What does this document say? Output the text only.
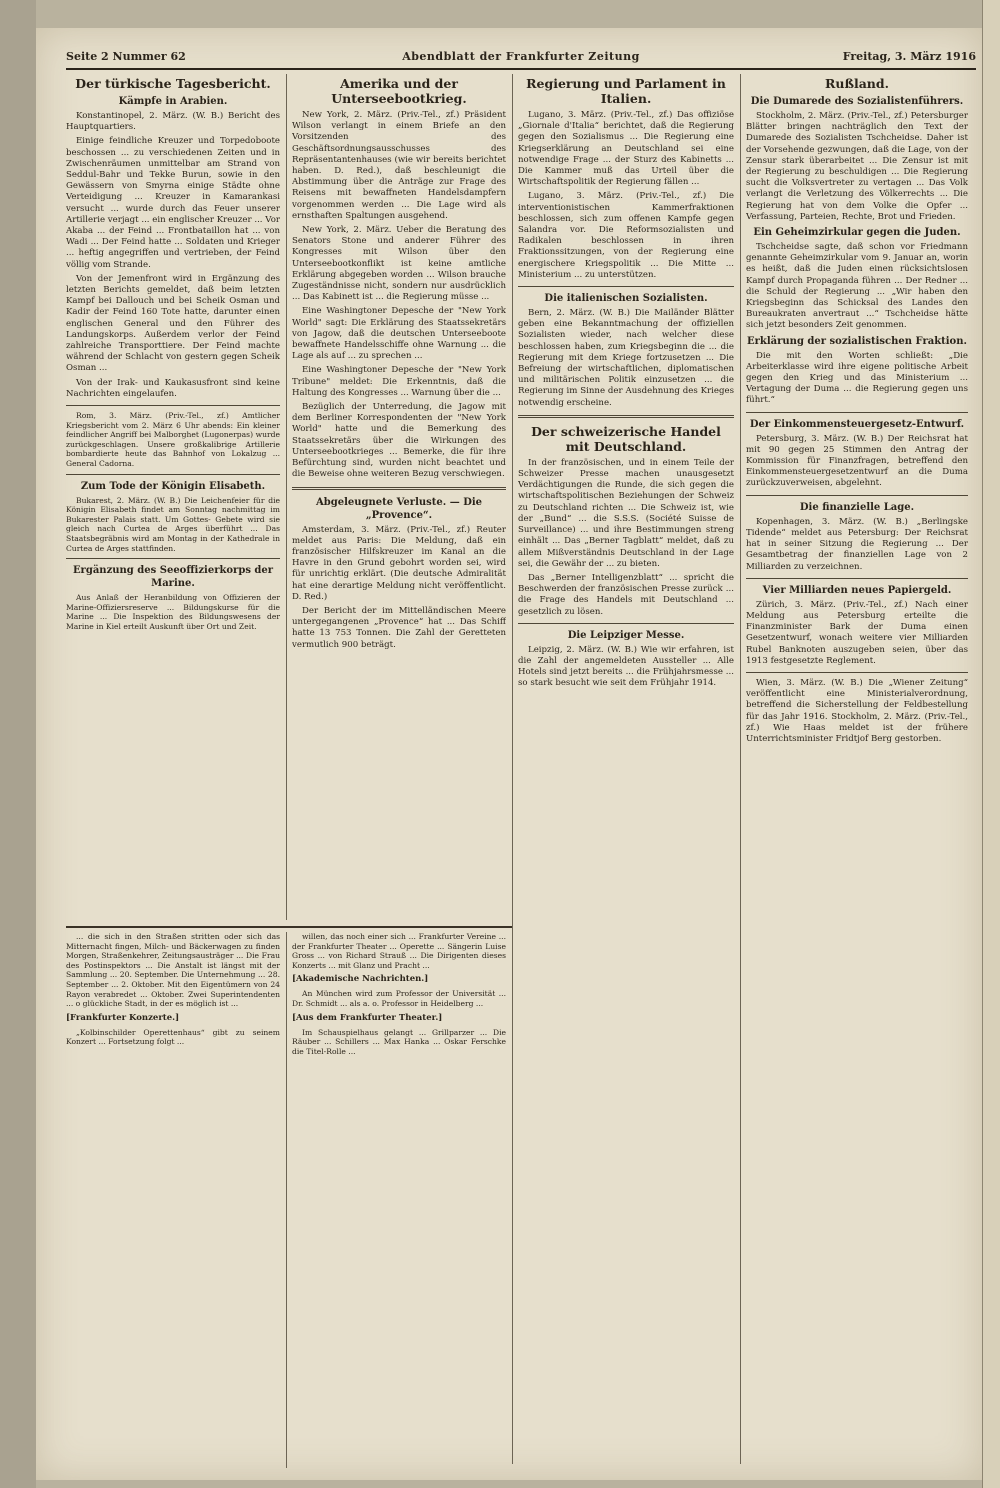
Seite 2 Nummer 62	Abendblatt der Frankfurter Zeitung	Freitag, 3. März 1916
Der türkische Tagesbericht.
Kämpfe in Arabien.

Konstantinopel, 2. März. (W. B.) Bericht des Hauptquartiers.

Einige feindliche Kreuzer und Torpedoboote beschossen ... zu verschiedenen Zeiten und in Zwischenräumen unmittelbar am Strand von Seddul-Bahr und Tekke Burun, sowie in den Gewässern von Smyrna einige Städte ohne Verteidigung ... Kreuzer in Kamarankasi versucht ... wurde durch das Feuer unserer Artillerie verjagt ... ein englischer Kreuzer ... Vor Akaba ... der Feind ... Frontbataillon hat ... von Wadi ... Der Feind hatte ... Soldaten und Krieger ... heftig angegriffen und vertrieben, der Feind völlig vom Strande.

Von der Jemenfront wird in Ergänzung des letzten Berichts gemeldet, daß beim letzten Kampf bei Dallouch und bei Scheik Osman und Kadir der Feind 160 Tote hatte, darunter einen englischen General und den Führer des Landungskorps. Außerdem verlor der Feind zahlreiche Transporttiere. Der Feind machte während der Schlacht von gestern gegen Scheik Osman ...

Von der Irak- und Kaukasusfront sind keine Nachrichten eingelaufen.

Rom, 3. März. (Priv.-Tel., zf.) Amtlicher Kriegsbericht vom 2. März 6 Uhr abends: Ein kleiner feindlicher Angriff bei Malborghet (Lugonerpas) wurde zurückgeschlagen. Unsere großkalibrige Artillerie bombardierte heute das Bahnhof von Lokalzug ... General Cadorna.

Zum Tode der Königin Elisabeth.

Bukarest, 2. März. (W. B.) Die Leichenfeier für die Königin Elisabeth findet am Sonntag nachmittag im Bukarester Palais statt. Um Gottes- Gebete wird sie gleich nach Curtea de Arges überführt ... Das Staatsbegräbnis wird am Montag in der Kathedrale in Curtea de Arges stattfinden.

Ergänzung des Seeoffizierkorps der Marine.

Aus Anlaß der Heranbildung von Offizieren der Marine-Offiziersreserve ... Bildungskurse für die Marine ... Die Inspektion des Bildungswesens der Marine in Kiel erteilt Auskunft über Ort und Zeit.

Amerika und der Unterseebootkrieg.

New York, 2. März. (Priv.-Tel., zf.) Präsident Wilson verlangt in einem Briefe an den Vorsitzenden des Geschäftsordnungsausschusses des Repräsentantenhauses (wie wir bereits berichtet haben. D. Red.), daß beschleunigt die Abstimmung über die Anträge zur Frage des Reisens mit bewaffneten Handelsdampfern vorgenommen werden ... Die Lage wird als ernsthaften Spaltungen ausgehend.

New York, 2. März. Ueber die Beratung des Senators Stone und anderer Führer des Kongresses mit Wilson über den Unterseebootkonflikt ist keine amtliche Erklärung abgegeben worden ... Wilson brauche Zugeständnisse nicht, sondern nur ausdrücklich ... Das Kabinett ist ... die Regierung müsse ...

Eine Washingtoner Depesche der "New York World" sagt: Die Erklärung des Staatssekretärs von Jagow, daß die deutschen Unterseeboote bewaffnete Handelsschiffe ohne Warnung ... die Lage als auf ... zu sprechen ...

Eine Washingtoner Depesche der "New York Tribune" meldet: Die Erkenntnis, daß die Haltung des Kongresses ... Warnung über die ...

Bezüglich der Unterredung, die Jagow mit dem Berliner Korrespondenten der "New York World" hatte und die Bemerkung des Staatssekretärs über die Wirkungen des Unterseebootkrieges ... Bemerke, die für ihre Befürchtung sind, wurden nicht beachtet und die Beweise ohne weiteren Bezug verschwiegen.

Abgeleugnete Verluste. — Die „Provence“.

Amsterdam, 3. März. (Priv.-Tel., zf.) Reuter meldet aus Paris: Die Meldung, daß ein französischer Hilfskreuzer im Kanal an die Havre in den Grund gebohrt worden sei, wird für unrichtig erklärt. (Die deutsche Admiralität hat eine derartige Meldung nicht veröffentlicht. D. Red.)

Der Bericht der im Mittelländischen Meere untergegangenen „Provence“ hat ... Das Schiff hatte 13 753 Tonnen. Die Zahl der Geretteten vermutlich 900 beträgt.

Regierung und Parlament in Italien.

Lugano, 3. März. (Priv.-Tel., zf.) Das offiziöse „Giornale d'Italia“ berichtet, daß die Regierung gegen den Sozialismus ... Die Regierung eine Kriegserklärung an Deutschland sei eine notwendige Frage ... der Sturz des Kabinetts ... Die Kammer muß das Urteil über die Wirtschaftspolitik der Regierung fällen ...

Lugano, 3. März. (Priv.-Tel., zf.) Die interventionistischen Kammerfraktionen beschlossen, sich zum offenen Kampfe gegen Salandra vor. Die Reformsozialisten und Radikalen beschlossen in ihren Fraktionssitzungen, von der Regierung eine energischere Kriegspolitik ... Die Mitte ... Ministerium ... zu unterstützen.

Die italienischen Sozialisten.

Bern, 2. März. (W. B.) Die Mailänder Blätter geben eine Bekanntmachung der offiziellen Sozialisten wieder, nach welcher diese beschlossen haben, zum Kriegsbeginn die ... die Regierung mit dem Kriege fortzusetzen ... Die Befreiung der wirtschaftlichen, diplomatischen und militärischen Politik einzusetzen ... die Regierung im Sinne der Ausdehnung des Krieges notwendig erscheine.

Der schweizerische Handel mit Deutschland.

In der französischen, und in einem Teile der Schweizer Presse machen unausgesetzt Verdächtigungen die Runde, die sich gegen die wirtschaftspolitischen Beziehungen der Schweiz zu Deutschland richten ... Die Schweiz ist, wie der „Bund“ ... die S.S.S. (Société Suisse de Surveillance) ... und ihre Bestimmungen streng einhält ... Das „Berner Tagblatt“ meldet, daß zu allem Mißverständnis Deutschland in der Lage sei, die Gewähr der ... zu bieten.

Das „Berner Intelligenzblatt“ ... spricht die Beschwerden der französischen Presse zurück ... die Frage des Handels mit Deutschland ... gesetzlich zu lösen.

Die Leipziger Messe.

Leipzig, 2. März. (W. B.) Wie wir erfahren, ist die Zahl der angemeldeten Aussteller ... Alle Hotels sind jetzt bereits ... die Frühjahrsmesse ... so stark besucht wie seit dem Frühjahr 1914.

Rußland.
Die Dumarede des Sozialistenführers.

Stockholm, 2. März. (Priv.-Tel., zf.) Petersburger Blätter bringen nachträglich den Text der Dumarede des Sozialisten Tschcheidse. Daher ist der Vorsehende gezwungen, daß die Lage, von der Zensur stark überarbeitet ... Die Zensur ist mit der Regierung zu beschuldigen ... Die Regierung sucht die Volksvertreter zu vertagen ... Das Volk verlangt die Verletzung des Völkerrechts ... Die Regierung hat von dem Volke die Opfer ... Verfassung, Parteien, Rechte, Brot und Frieden.

Ein Geheimzirkular gegen die Juden.

Tschcheidse sagte, daß schon vor Friedmann genannte Geheimzirkular vom 9. Januar an, worin es heißt, daß die Juden einen rücksichtslosen Kampf durch Propaganda führen ... Der Redner ... die Schuld der Regierung ... „Wir haben den Kriegsbeginn das Schicksal des Landes den Bureaukraten anvertraut ...“ Tschcheidse hätte sich jetzt besonders Zeit genommen.

Erklärung der sozialistischen Fraktion.

Die mit den Worten schließt: „Die Arbeiterklasse wird ihre eigene politische Arbeit gegen den Krieg und das Ministerium ... Vertagung der Duma ... die Regierung gegen uns führt.“

Der Einkommensteuergesetz-Entwurf.

Petersburg, 3. März. (W. B.) Der Reichsrat hat mit 90 gegen 25 Stimmen den Antrag der Kommission für Finanzfragen, betreffend den Einkommensteuergesetzentwurf an die Duma zurückzuverweisen, abgelehnt.

Die finanzielle Lage.

Kopenhagen, 3. März. (W. B.) „Berlingske Tidende“ meldet aus Petersburg: Der Reichsrat hat in seiner Sitzung die Regierung ... Der Gesamtbetrag der finanziellen Lage von 2 Milliarden zu verzeichnen.

Vier Milliarden neues Papiergeld.

Zürich, 3. März. (Priv.-Tel., zf.) Nach einer Meldung aus Petersburg erteilte die Finanzminister Bark der Duma einen Gesetzentwurf, wonach weitere vier Milliarden Rubel Banknoten auszugeben seien, über das 1913 festgesetzte Reglement.

Wien, 3. März. (W. B.) Die „Wiener Zeitung“ veröffentlicht eine Ministerialverordnung, betreffend die Sicherstellung der Feldbestellung für das Jahr 1916. Stockholm, 2. März. (Priv.-Tel., zf.) Wie Haas meldet ist der frühere Unterrichtsminister Fridtjof Berg gestorben.

... die sich in den Straßen stritten oder sich das Mitternacht fingen, Milch- und Bäckerwagen zu finden Morgen, Straßenkehrer, Zeitungsausträger ... Die Frau des Postinspektors ... Die Anstalt ist längst mit der Sammlung ... 20. September. Die Unternehmung ... 28. September ... 2. Oktober. Mit den Eigentümern von 24 Rayon verabredet ... Oktober. Zwei Superintendenten ... o glückliche Stadt, in der es möglich ist ...

[Frankfurter Konzerte.]

„Kolbinschilder Operettenhaus“ gibt zu seinem Konzert ... Fortsetzung folgt ...

willen, das noch einer sich ... Frankfurter Vereine ... der Frankfurter Theater ... Operette ... Sängerin Luise Gross ... von Richard Strauß ... Die Dirigenten dieses Konzerts ... mit Glanz und Pracht ...

[Akademische Nachrichten.]

An München wird zum Professor der Universität ... Dr. Schmidt ... als a. o. Professor in Heidelberg ...

[Aus dem Frankfurter Theater.]

Im Schauspielhaus gelangt ... Grillparzer ... Die Räuber ... Schillers ... Max Hanka ... Oskar Ferschke die Titel-Rolle ...
